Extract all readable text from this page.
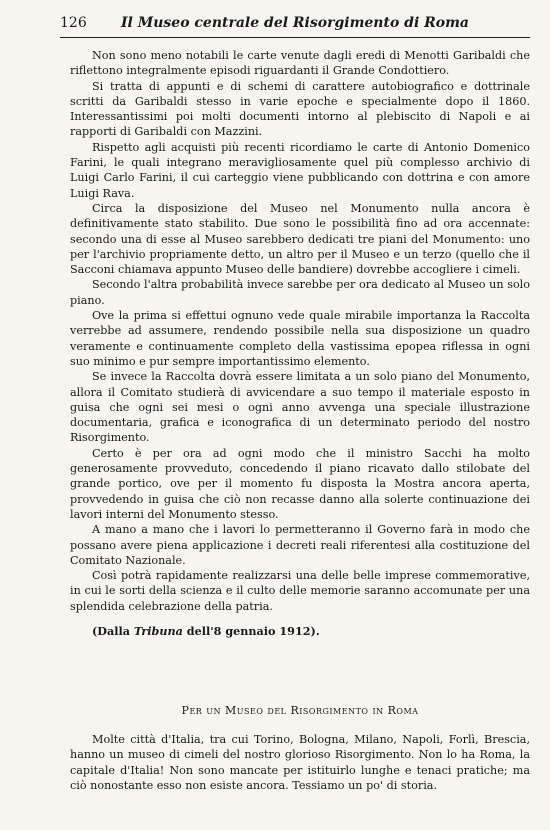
126	Il Museo centrale del Risorgimento di Roma

Non sono meno notabili le carte venute dagli eredi di Menotti Garibaldi che riflettono integralmente episodi riguardanti il Grande Condottiero.

Si tratta di appunti e di schemi di carattere autobiografico e dottrinale scritti da Garibaldi stesso in varie epoche e specialmente dopo il 1860. Interessantissimi poi molti documenti intorno al plebiscito di Napoli e ai rapporti di Garibaldi con Mazzini.

Rispetto agli acquisti più recenti ricordiamo le carte di Antonio Domenico Farini, le quali integrano meravigliosamente quel più complesso archivio di Luigi Carlo Farini, il cui carteggio viene pubblicando con dottrina e con amore Luigi Rava.

Circa la disposizione del Museo nel Monumento nulla ancora è definitivamente stato stabilito. Due sono le possibilità fino ad ora accennate: secondo una di esse al Museo sarebbero dedicati tre piani del Monumento: uno per l'archivio propriamente detto, un altro per il Museo e un terzo (quello che il Sacconi chiamava appunto Museo delle bandiere) dovrebbe accogliere i cimeli.

Secondo l'altra probabilità invece sarebbe per ora dedicato al Museo un solo piano.

Ove la prima si effettui ognuno vede quale mirabile importanza la Raccolta verrebbe ad assumere, rendendo possibile nella sua disposizione un quadro veramente e continuamente completo della vastissima epopea riflessa in ogni suo minimo e pur sempre importantissimo elemento.

Se invece la Raccolta dovrà essere limitata a un solo piano del Monumento, allora il Comitato studierà di avvicendare a suo tempo il materiale esposto in guisa che ogni sei mesi o ogni anno avvenga una speciale illustrazione documentaria, grafica e iconografica di un determinato periodo del nostro Risorgimento.

Certo è per ora ad ogni modo che il ministro Sacchi ha molto generosamente provveduto, concedendo il piano ricavato dallo stilobate del grande portico, ove per il momento fu disposta la Mostra ancora aperta, provvedendo in guisa che ciò non recasse danno alla solerte continuazione dei lavori interni del Monumento stesso.

A mano a mano che i lavori lo permetteranno il Governo farà in modo che possano avere piena applicazione i decreti reali riferentesi alla costituzione del Comitato Nazionale.

Così potrà rapidamente realizzarsi una delle belle imprese commemorative, in cui le sorti della scienza e il culto delle memorie saranno accomunate per una splendida celebrazione della patria.

(Dalla Tribuna dell'8 gennaio 1912).

Per un Museo del Risorgimento in Roma

Molte città d'Italia, tra cui Torino, Bologna, Milano, Napoli, Forlì, Brescia, hanno un museo di cimeli del nostro glorioso Risorgimento. Non lo ha Roma, la capitale d'Italia! Non sono mancate per istituirlo lunghe e tenaci pratiche; ma ciò nonostante esso non esiste ancora. Tessiamo un po' di storia.
